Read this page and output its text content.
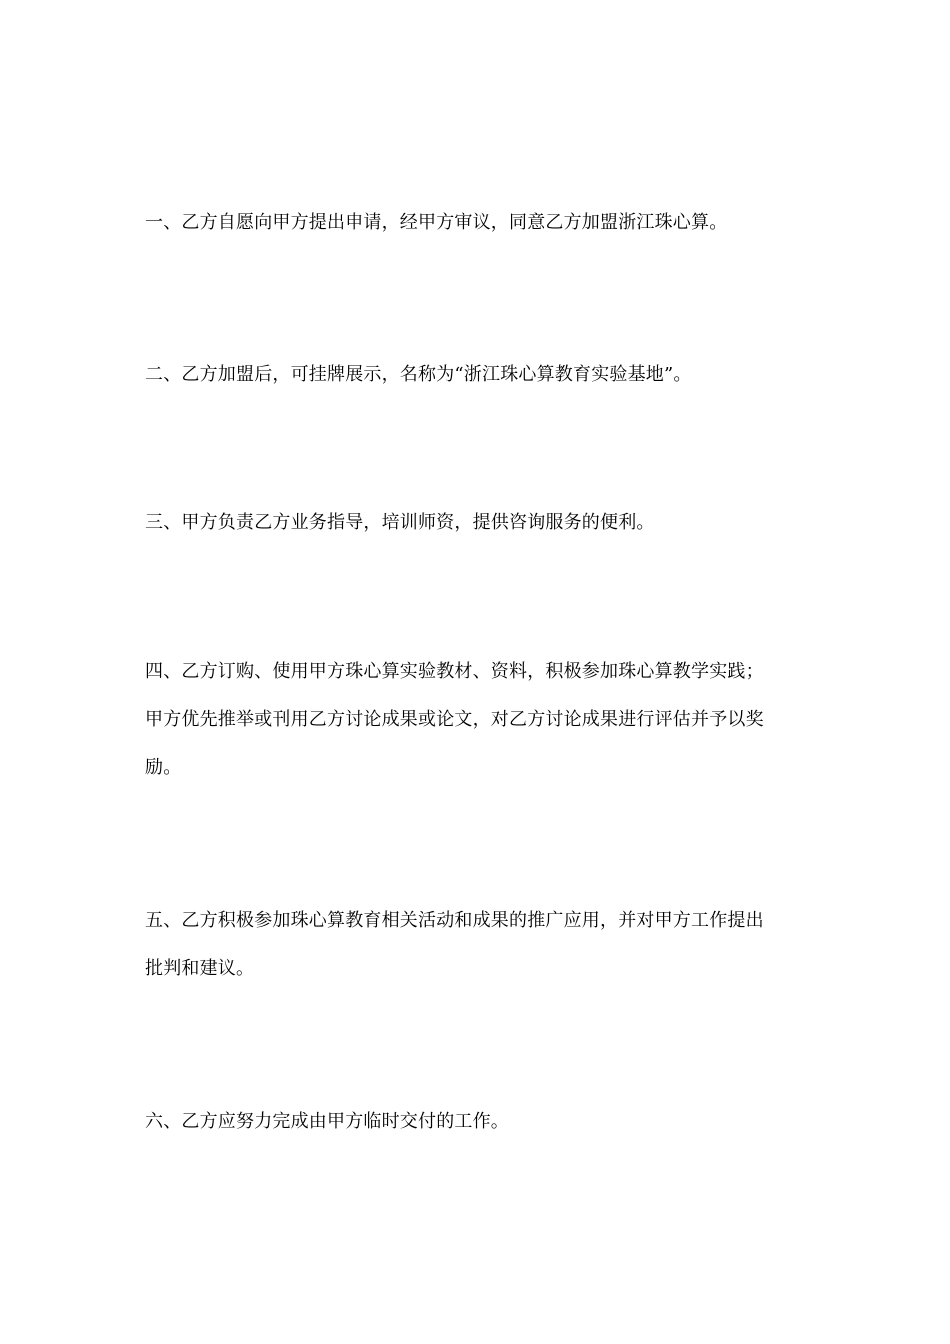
一、乙方自愿向甲方提出申请，经甲方审议，同意乙方加盟浙江珠心算。

二、乙方加盟后，可挂牌展示，名称为“浙江珠心算教育实验基地”。

三、甲方负责乙方业务指导，培训师资，提供咨询服务的便利。

四、乙方订购、使用甲方珠心算实验教材、资料，积极参加珠心算教学实践；
甲方优先推举或刊用乙方讨论成果或论文，对乙方讨论成果进行评估并予以奖
励。

五、乙方积极参加珠心算教育相关活动和成果的推广应用，并对甲方工作提出
批判和建议。

六、乙方应努力完成由甲方临时交付的工作。
